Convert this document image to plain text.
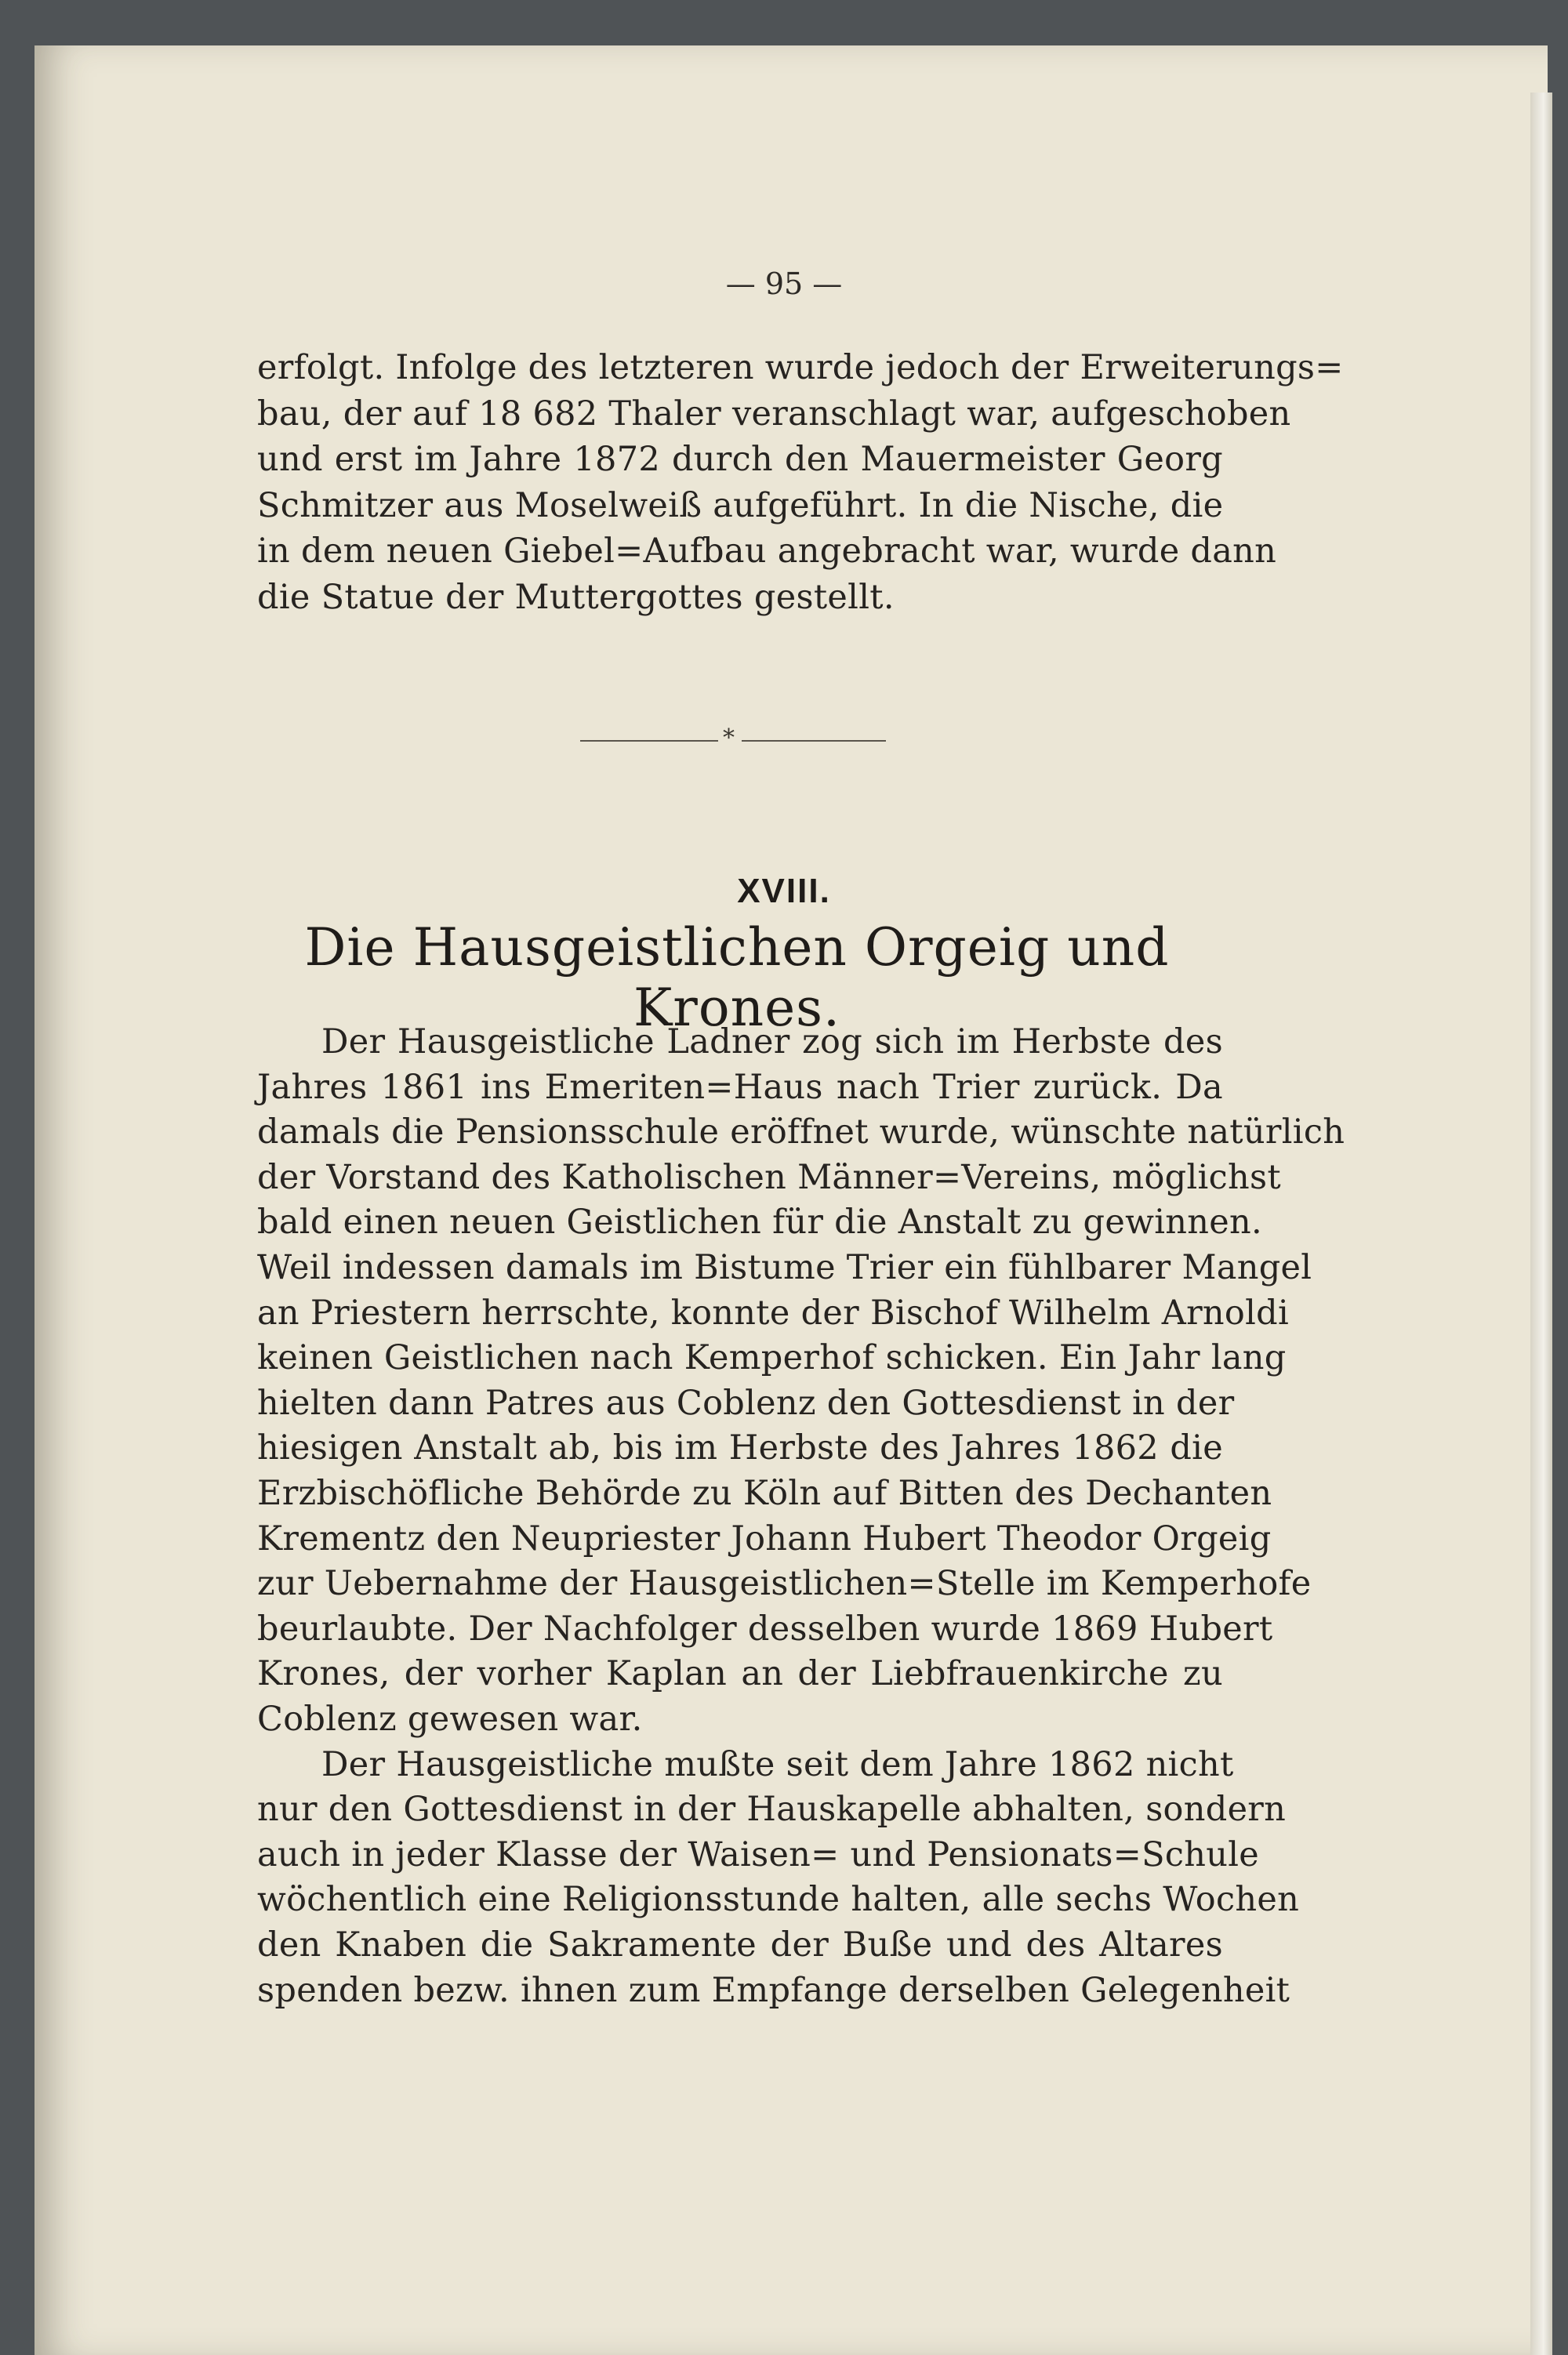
— 95 —
erfolgt. Infolge des letzteren wurde jedoch der Erweiterungs=
bau, der auf 18 682 Thaler veranschlagt war, aufgeschoben
und erst im Jahre 1872 durch den Mauermeister Georg
Schmitzer aus Moselweiß aufgeführt. In die Nische, die
in dem neuen Giebel=Aufbau angebracht war, wurde dann
die Statue der Muttergottes gestellt.
*
XVIII.
Die Hausgeistlichen Orgeig und Krones.
Der Hausgeistliche Ladner zog sich im Herbste des
Jahres 1861 ins Emeriten=Haus nach Trier zurück. Da
damals die Pensionsschule eröffnet wurde, wünschte natürlich
der Vorstand des Katholischen Männer=Vereins, möglichst
bald einen neuen Geistlichen für die Anstalt zu gewinnen.
Weil indessen damals im Bistume Trier ein fühlbarer Mangel
an Priestern herrschte, konnte der Bischof Wilhelm Arnoldi
keinen Geistlichen nach Kemperhof schicken. Ein Jahr lang
hielten dann Patres aus Coblenz den Gottesdienst in der
hiesigen Anstalt ab, bis im Herbste des Jahres 1862 die
Erzbischöfliche Behörde zu Köln auf Bitten des Dechanten
Krementz den Neupriester Johann Hubert Theodor Orgeig
zur Uebernahme der Hausgeistlichen=Stelle im Kemperhofe
beurlaubte. Der Nachfolger desselben wurde 1869 Hubert
Krones, der vorher Kaplan an der Liebfrauenkirche zu
Coblenz gewesen war.
Der Hausgeistliche mußte seit dem Jahre 1862 nicht
nur den Gottesdienst in der Hauskapelle abhalten, sondern
auch in jeder Klasse der Waisen= und Pensionats=Schule
wöchentlich eine Religionsstunde halten, alle sechs Wochen
den Knaben die Sakramente der Buße und des Altares
spenden bezw. ihnen zum Empfange derselben Gelegenheit
